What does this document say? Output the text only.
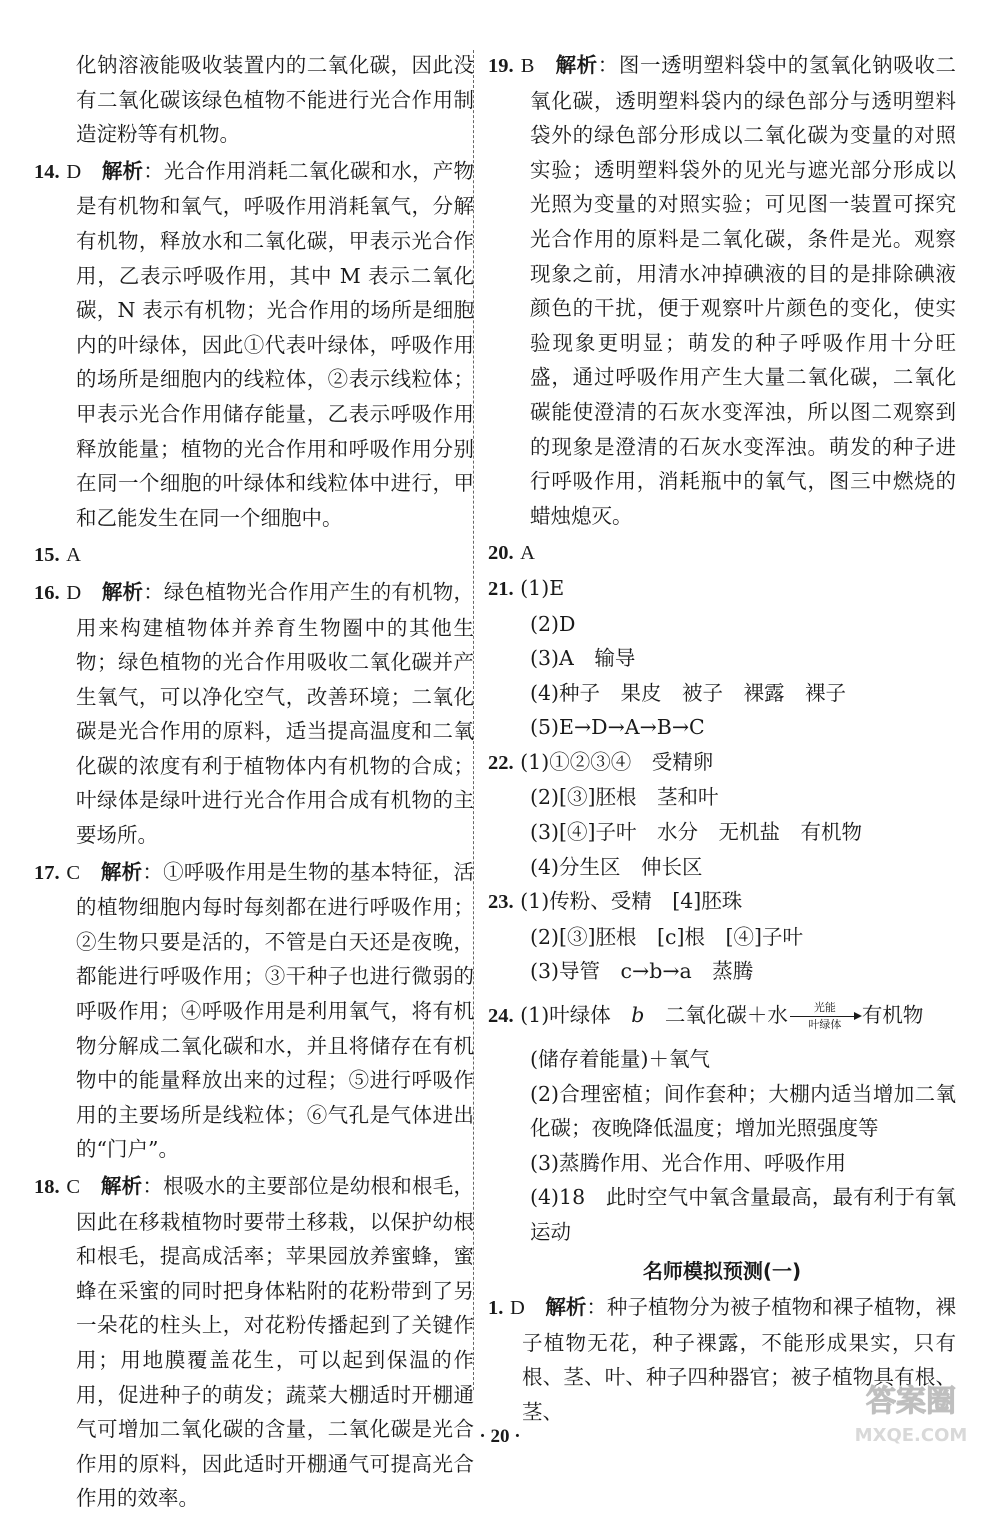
化钠溶液能吸收装置内的二氧化碳，因此没有二氧化碳该绿色植物不能进行光合作用制造淀粉等有机物。

14. D 解析：光合作用消耗二氧化碳和水，产物是有机物和氧气，呼吸作用消耗氧气，分解有机物，释放水和二氧化碳，甲表示光合作用，乙表示呼吸作用，其中 M 表示二氧化碳，N 表示有机物；光合作用的场所是细胞内的叶绿体，因此①代表叶绿体，呼吸作用的场所是细胞内的线粒体，②表示线粒体；甲表示光合作用储存能量，乙表示呼吸作用释放能量；植物的光合作用和呼吸作用分别在同一个细胞的叶绿体和线粒体中进行，甲和乙能发生在同一个细胞中。

15. A

16. D 解析：绿色植物光合作用产生的有机物，用来构建植物体并养育生物圈中的其他生物；绿色植物的光合作用吸收二氧化碳并产生氧气，可以净化空气，改善环境；二氧化碳是光合作用的原料，适当提高温度和二氧化碳的浓度有利于植物体内有机物的合成；叶绿体是绿叶进行光合作用合成有机物的主要场所。

17. C 解析：①呼吸作用是生物的基本特征，活的植物细胞内每时每刻都在进行呼吸作用；②生物只要是活的，不管是白天还是夜晚，都能进行呼吸作用；③干种子也进行微弱的呼吸作用；④呼吸作用是利用氧气，将有机物分解成二氧化碳和水，并且将储存在有机物中的能量释放出来的过程；⑤进行呼吸作用的主要场所是线粒体；⑥气孔是气体进出的“门户”。

18. C 解析：根吸水的主要部位是幼根和根毛，因此在移栽植物时要带土移栽，以保护幼根和根毛，提高成活率；苹果园放养蜜蜂，蜜蜂在采蜜的同时把身体粘附的花粉带到了另一朵花的柱头上，对花粉传播起到了关键作用；用地膜覆盖花生，可以起到保温的作用，促进种子的萌发；蔬菜大棚适时开棚通气可增加二氧化碳的含量，二氧化碳是光合作用的原料，因此适时开棚通气可提高光合作用的效率。

19. B 解析：图一透明塑料袋中的氢氧化钠吸收二氧化碳，透明塑料袋内的绿色部分与透明塑料袋外的绿色部分形成以二氧化碳为变量的对照实验；透明塑料袋外的见光与遮光部分形成以光照为变量的对照实验；可见图一装置可探究光合作用的原料是二氧化碳，条件是光。观察现象之前，用清水冲掉碘液的目的是排除碘液颜色的干扰，便于观察叶片颜色的变化，使实验现象更明显；萌发的种子呼吸作用十分旺盛，通过呼吸作用产生大量二氧化碳，二氧化碳能使澄清的石灰水变浑浊，所以图二观察到的现象是澄清的石灰水变浑浊。萌发的种子进行呼吸作用，消耗瓶中的氧气，图三中燃烧的蜡烛熄灭。

20. A

21. (1)E

(2)D

(3)A　输导

(4)种子　果皮　被子　裸露　裸子

(5)E→D→A→B→C

22. (1)①②③④　受精卵

(2)[③]胚根　茎和叶

(3)[④]子叶　水分　无机盐　有机物

(4)分生区　伸长区

23. (1)传粉、受精　[4]胚珠

(2)[③]胚根　[c]根　[④]子叶

(3)导管　c→b→a　蒸腾

24. (1)叶绿体　b　二氧化碳＋水	光能
叶绿体	有机物

(储存着能量)＋氧气

(2)合理密植；间作套种；大棚内适当增加二氧化碳；夜晚降低温度；增加光照强度等

(3)蒸腾作用、光合作用、呼吸作用

(4)18　此时空气中氧含量最高，最有利于有氧运动

名师模拟预测(一)

1. D 解析：种子植物分为被子植物和裸子植物，裸子植物无花，种子裸露，不能形成果实，只有根、茎、叶、种子四种器官；被子植物具有根、茎、

· 20 ·
答案圈
MXQE.COM
